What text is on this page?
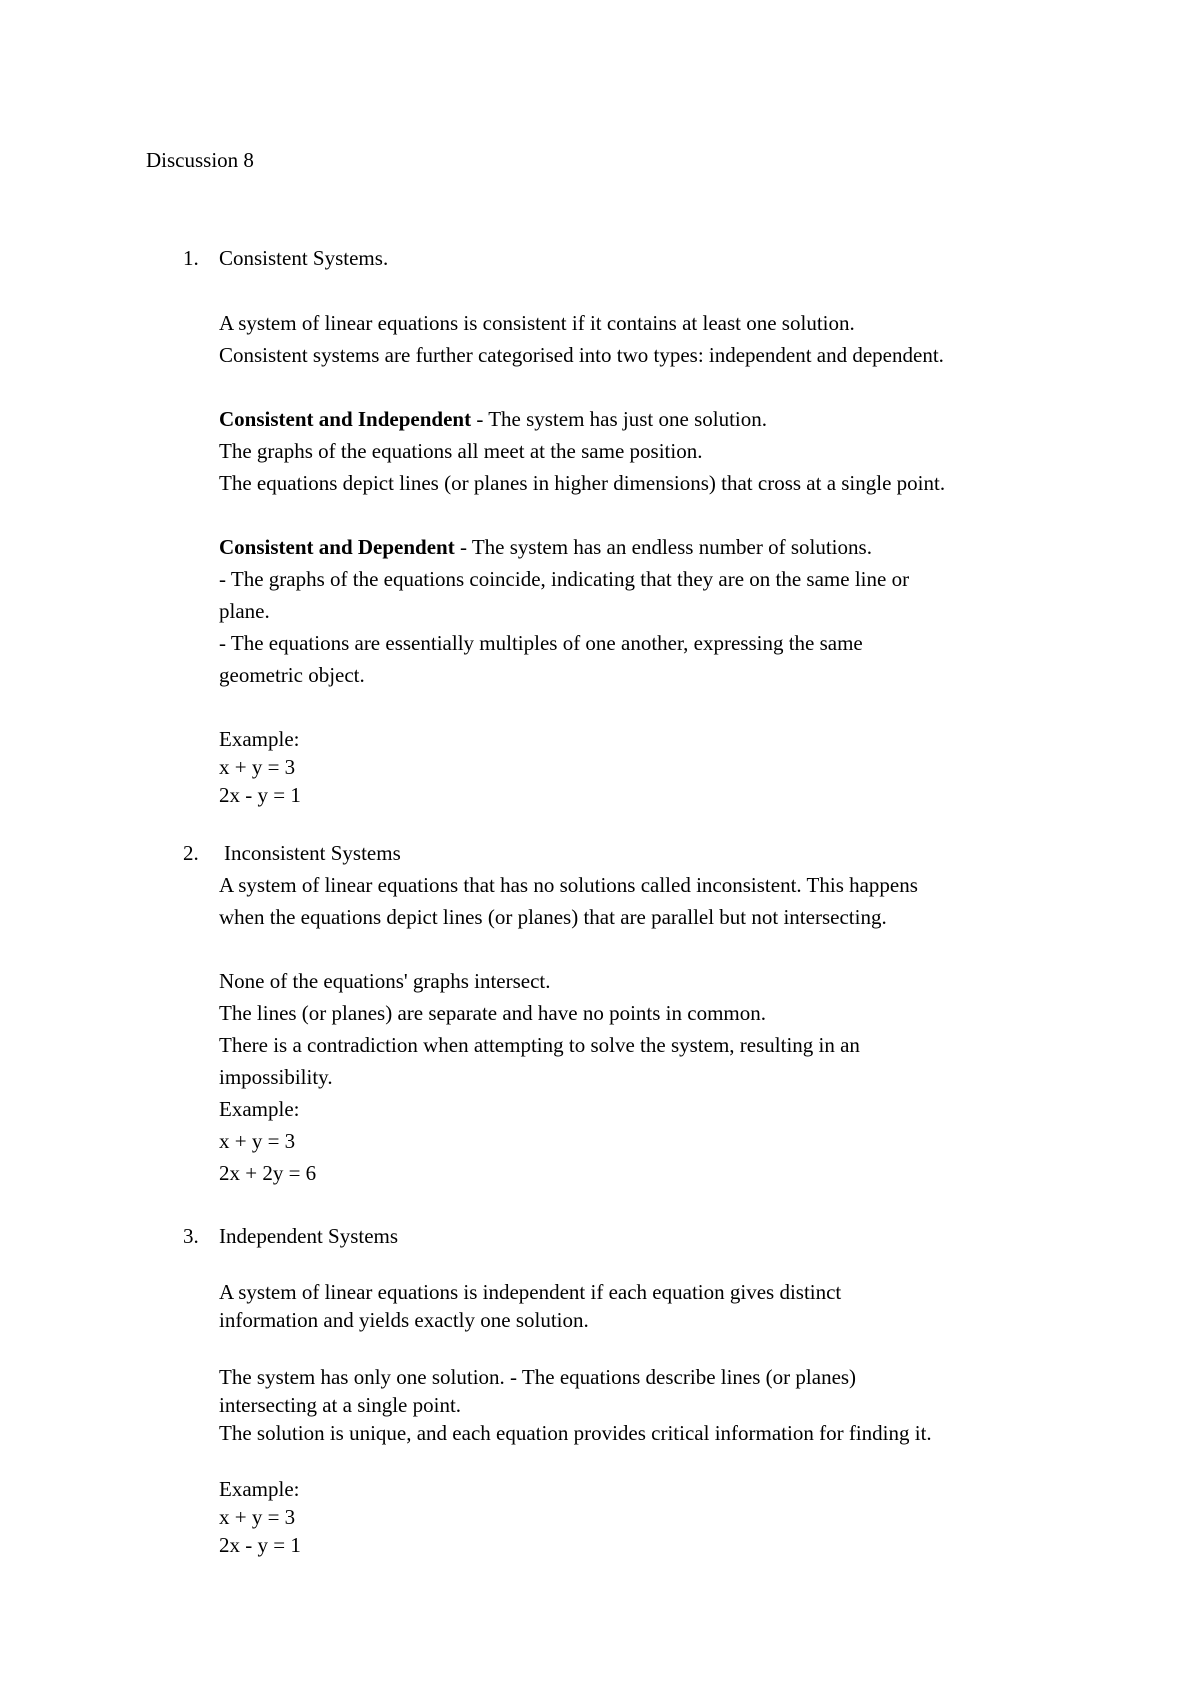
Discussion 8
1. Consistent Systems.
A system of linear equations is consistent if it contains at least one solution.
Consistent systems are further categorised into two types: independent and dependent.
Consistent and Independent - The system has just one solution.
The graphs of the equations all meet at the same position.
The equations depict lines (or planes in higher dimensions) that cross at a single point.
Consistent and Dependent - The system has an endless number of solutions.
- The graphs of the equations coincide, indicating that they are on the same line or
plane.
- The equations are essentially multiples of one another, expressing the same
geometric object.
Example:
x + y = 3
2x - y = 1
2. Inconsistent Systems
A system of linear equations that has no solutions called inconsistent. This happens
when the equations depict lines (or planes) that are parallel but not intersecting.
None of the equations' graphs intersect.
The lines (or planes) are separate and have no points in common.
There is a contradiction when attempting to solve the system, resulting in an
impossibility.
Example:
x + y = 3
2x + 2y = 6
3. Independent Systems
A system of linear equations is independent if each equation gives distinct
information and yields exactly one solution.
The system has only one solution. - The equations describe lines (or planes)
intersecting at a single point.
The solution is unique, and each equation provides critical information for finding it.
Example:
x + y = 3
2x - y = 1
